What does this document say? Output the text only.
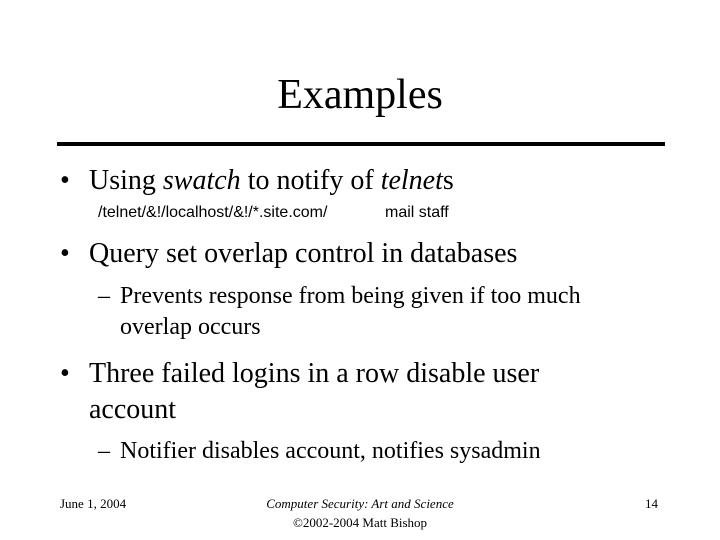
Examples
• Using swatch to notify of telnets
/telnet/&!/localhost/&!/*.site.com/	mail staff
• Query set overlap control in databases
– Prevents response from being given if too much
overlap occurs
• Three failed logins in a row disable user
account
– Notifier disables account, notifies sysadmin
June 1, 2004	Computer Security: Art and Science
©2002-2004 Matt Bishop
14
